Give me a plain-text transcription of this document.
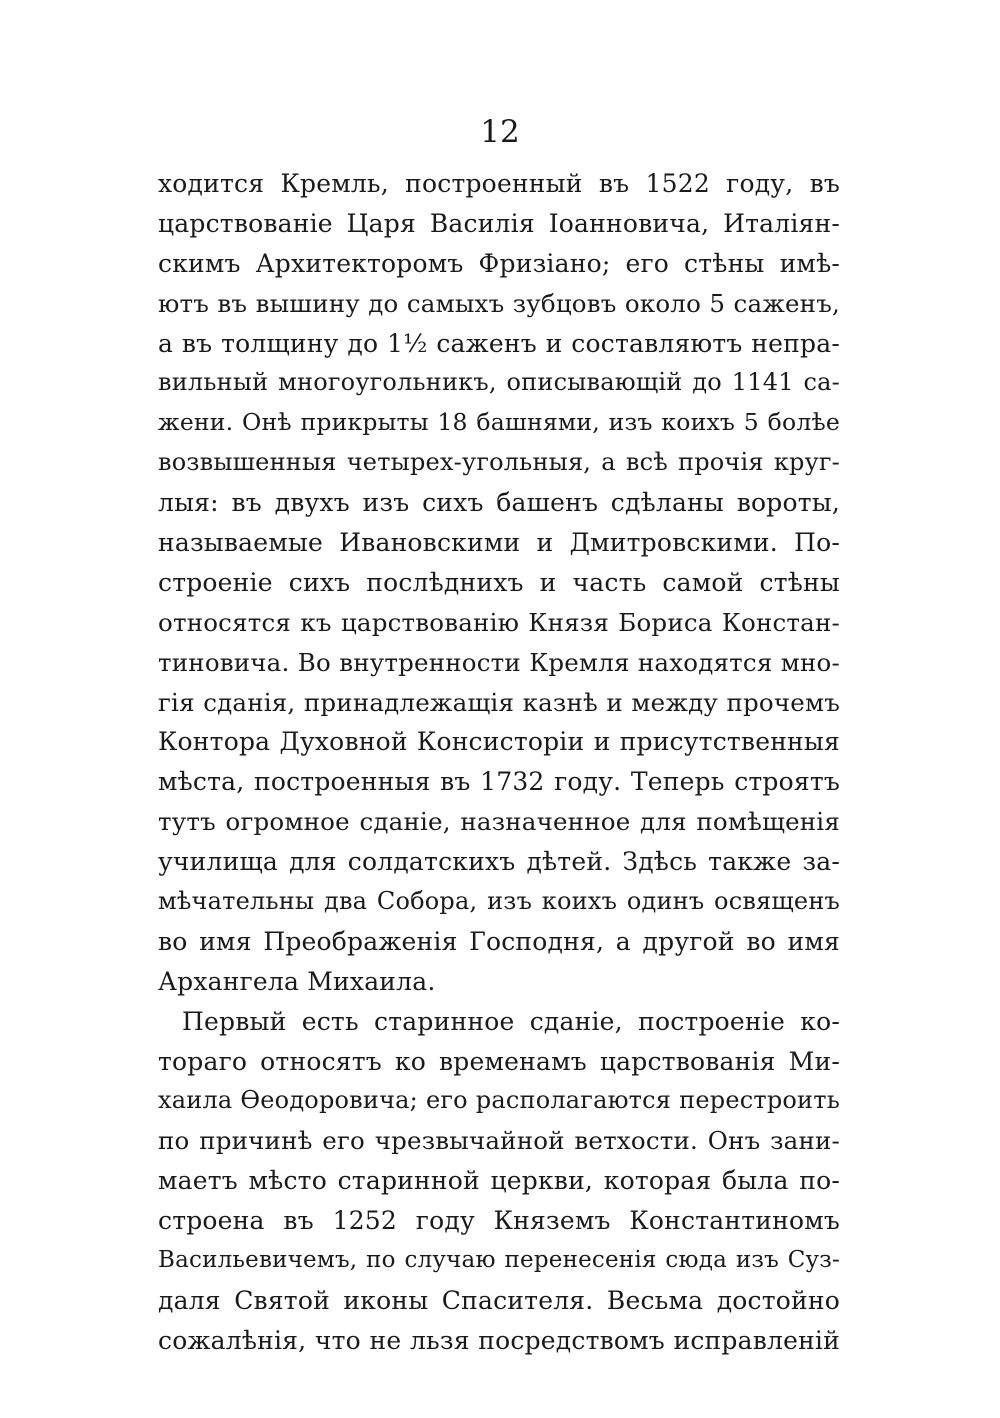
12
ходится Кремль, построенный въ 1522 году, въ
царствованіе Царя Василія Іоанновича, Италіян-
скимъ Архитекторомъ Фризіано; его стѣны имѣ-
ютъ въ вышину до самыхъ зубцовъ около 5 саженъ,
а въ толщину до 1½ саженъ и составляютъ непра-
вильный многоугольникъ, описывающій до 1141 са-
жени. Онѣ прикрыты 18 башнями, изъ коихъ 5 болѣе
возвышенныя четырех-угольныя, а всѣ прочія круг-
лыя: въ двухъ изъ сихъ башенъ сдѣланы вороты,
называемые Ивановскими и Дмитровскими. По-
строеніе сихъ послѣднихъ и часть самой стѣны
относятся къ царствованію Князя Бориса Констан-
тиновича. Во внутренности Кремля находятся мно-
гія сданія, принадлежащія казнѣ и между прочемъ
Контора Духовной Консисторіи и присутственныя
мѣста, построенныя въ 1732 году. Теперь строятъ
тутъ огромное сданіе, назначенное для помѣщенія
училища для солдатскихъ дѣтей. Здѣсь также за-
мѣчательны два Собора, изъ коихъ одинъ освященъ
во имя Преображенія Господня, а другой во имя
Архангела Михаила.
Первый есть старинное сданіе, построеніе ко-
тораго относятъ ко временамъ царствованія Ми-
хаила Ѳеодоровича; его располагаются перестроить
по причинѣ его чрезвычайной ветхости. Онъ зани-
маетъ мѣсто старинной церкви, которая была по-
строена въ 1252 году Княземъ Константиномъ
Васильевичемъ, по случаю перенесенія сюда изъ Суз-
даля Святой иконы Спасителя. Весьма достойно
сожалѣнія, что не льзя посредствомъ исправленій
